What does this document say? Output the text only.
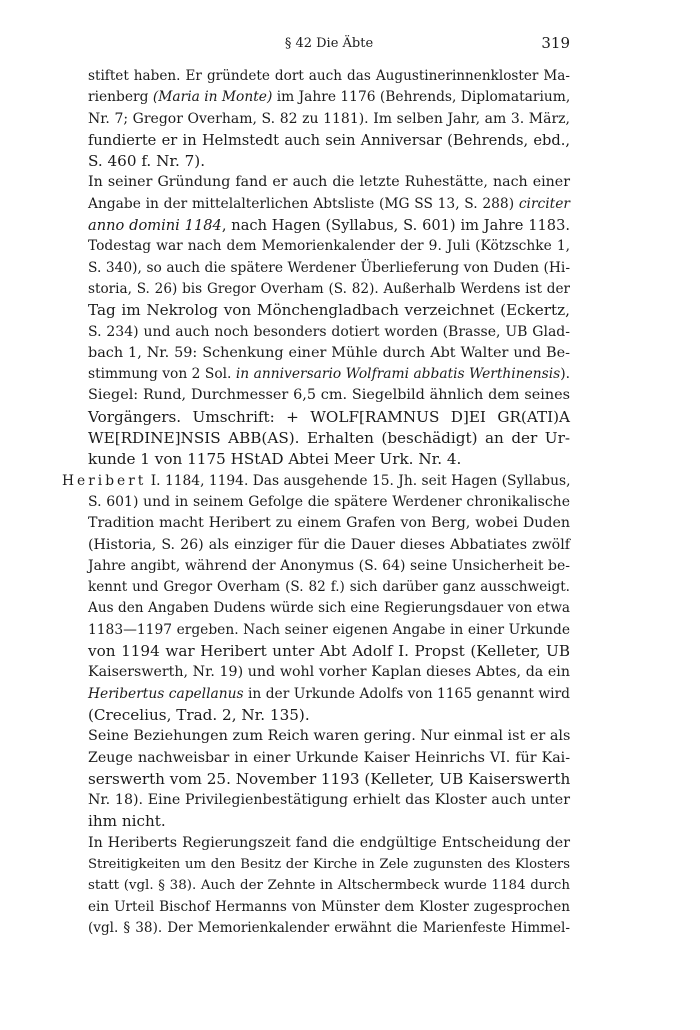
§ 42 Die Äbte	319
stiftet haben. Er gründete dort auch das Augustinerinnenkloster Ma-
rienberg (Maria in Monte) im Jahre 1176 (Behrends, Diplomatarium,
Nr. 7; Gregor Overham, S. 82 zu 1181). Im selben Jahr, am 3. März,
fundierte er in Helmstedt auch sein Anniversar (Behrends, ebd.,
S. 460 f. Nr. 7).
In seiner Gründung fand er auch die letzte Ruhestätte, nach einer
Angabe in der mittelalterlichen Abtsliste (MG SS 13, S. 288) circiter
anno domini 1184, nach Hagen (Syllabus, S. 601) im Jahre 1183.
Todestag war nach dem Memorienkalender der 9. Juli (Kötzschke 1,
S. 340), so auch die spätere Werdener Überlieferung von Duden (Hi-
storia, S. 26) bis Gregor Overham (S. 82). Außerhalb Werdens ist der
Tag im Nekrolog von Mönchengladbach verzeichnet (Eckertz,
S. 234) und auch noch besonders dotiert worden (Brasse, UB Glad-
bach 1, Nr. 59: Schenkung einer Mühle durch Abt Walter und Be-
stimmung von 2 Sol. in anniversario Wolframi abbatis Werthinensis).
Siegel: Rund, Durchmesser 6,5 cm. Siegelbild ähnlich dem seines
Vorgängers. Umschrift: + WOLF[RAMNUS D]EI GR(ATI)A
WE[RDINE]NSIS ABB(AS). Erhalten (beschädigt) an der Ur-
kunde 1 von 1175 HStAD Abtei Meer Urk. Nr. 4.
Heribert I. 1184, 1194. Das ausgehende 15. Jh. seit Hagen (Syllabus,
S. 601) und in seinem Gefolge die spätere Werdener chronikalische
Tradition macht Heribert zu einem Grafen von Berg, wobei Duden
(Historia, S. 26) als einziger für die Dauer dieses Abbatiates zwölf
Jahre angibt, während der Anonymus (S. 64) seine Unsicherheit be-
kennt und Gregor Overham (S. 82 f.) sich darüber ganz ausschweigt.
Aus den Angaben Dudens würde sich eine Regierungsdauer von etwa
1183—1197 ergeben. Nach seiner eigenen Angabe in einer Urkunde
von 1194 war Heribert unter Abt Adolf I. Propst (Kelleter, UB
Kaiserswerth, Nr. 19) und wohl vorher Kaplan dieses Abtes, da ein
Heribertus capellanus in der Urkunde Adolfs von 1165 genannt wird
(Crecelius, Trad. 2, Nr. 135).
Seine Beziehungen zum Reich waren gering. Nur einmal ist er als
Zeuge nachweisbar in einer Urkunde Kaiser Heinrichs VI. für Kai-
serswerth vom 25. November 1193 (Kelleter, UB Kaiserswerth
Nr. 18). Eine Privilegienbestätigung erhielt das Kloster auch unter
ihm nicht.
In Heriberts Regierungszeit fand die endgültige Entscheidung der
Streitigkeiten um den Besitz der Kirche in Zele zugunsten des Klosters
statt (vgl. § 38). Auch der Zehnte in Altschermbeck wurde 1184 durch
ein Urteil Bischof Hermanns von Münster dem Kloster zugesprochen
(vgl. § 38). Der Memorienkalender erwähnt die Marienfeste Himmel-
